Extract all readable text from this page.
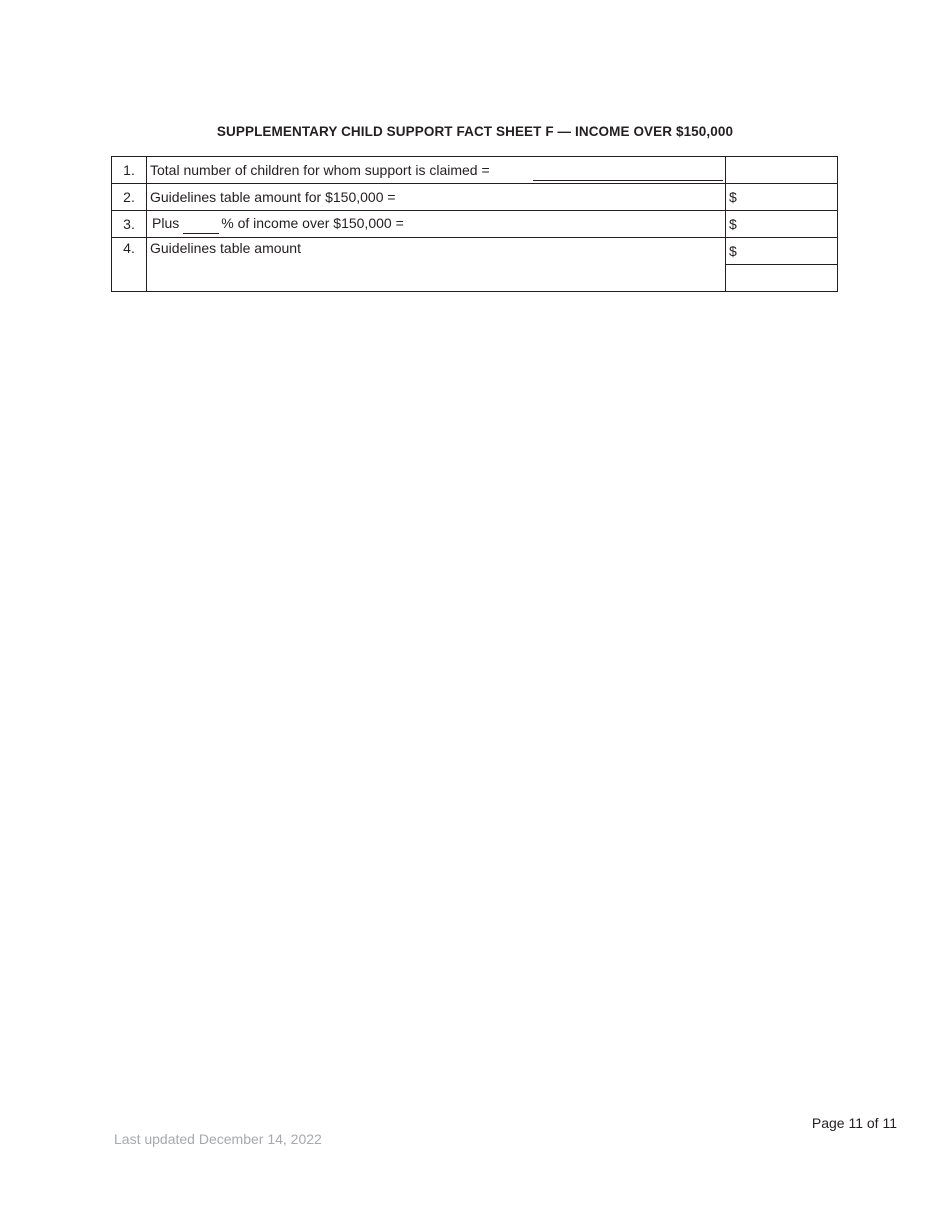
SUPPLEMENTARY CHILD SUPPORT FACT SHEET F — INCOME OVER $150,000
1.	Total number of children for whom support is claimed =

2.	Guidelines table amount for $150,000 =	$
3.	Plus % of income over $150,000 =	$
4.	Guidelines table amount	$

Page 11 of 11
Last updated December 14, 2022
